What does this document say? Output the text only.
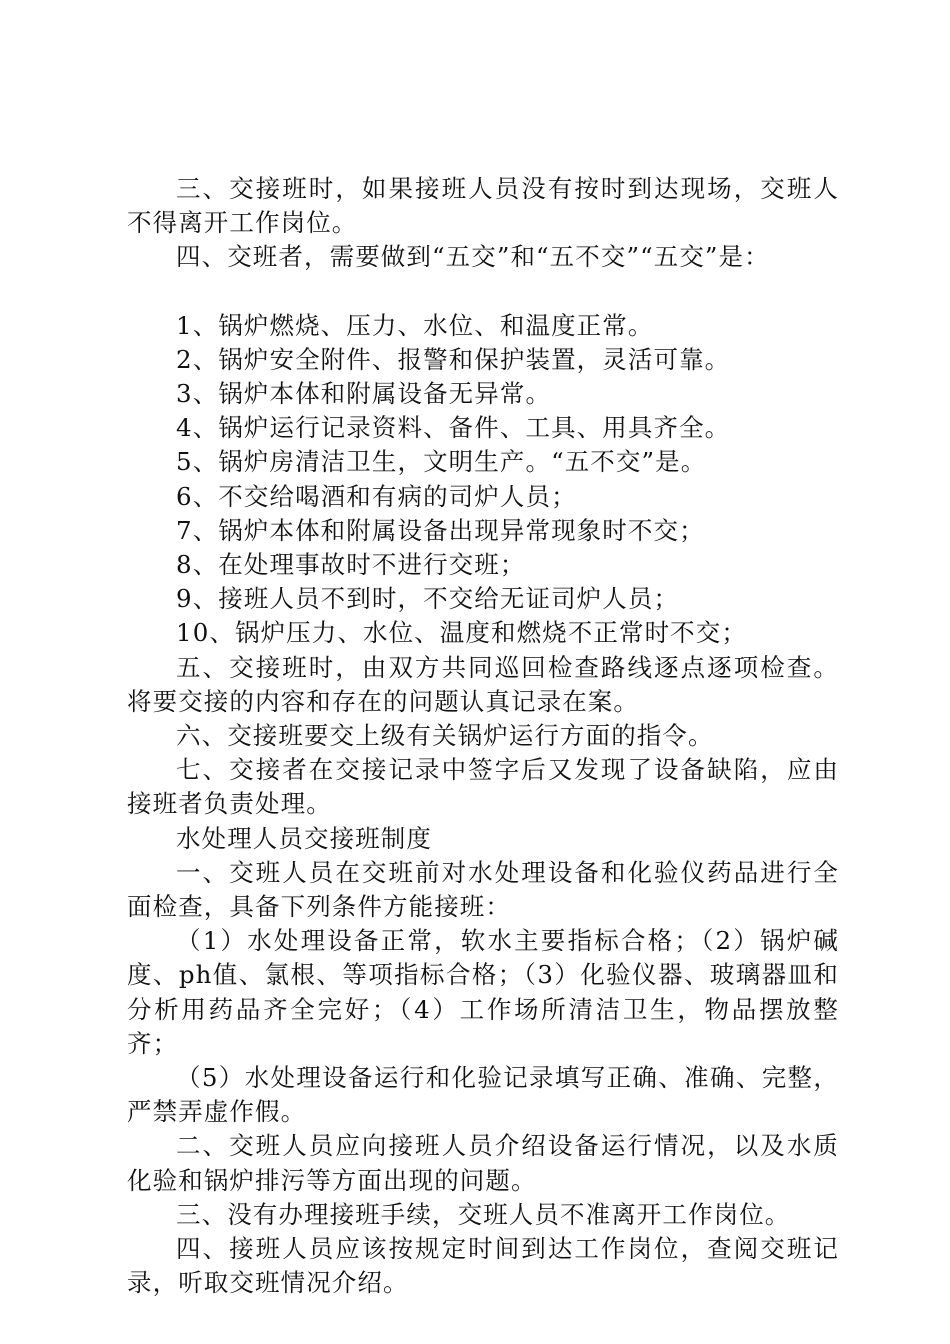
三、交接班时，如果接班人员没有按时到达现场，交班人不得离开工作岗位。

四、交班者，需要做到“五交”和“五不交”“五交”是：

1、锅炉燃烧、压力、水位、和温度正常。

2、锅炉安全附件、报警和保护装置，灵活可靠。

3、锅炉本体和附属设备无异常。

4、锅炉运行记录资料、备件、工具、用具齐全。

5、锅炉房清洁卫生，文明生产。“五不交”是。

6、不交给喝酒和有病的司炉人员；

7、锅炉本体和附属设备出现异常现象时不交；

8、在处理事故时不进行交班；

9、接班人员不到时，不交给无证司炉人员；

10、锅炉压力、水位、温度和燃烧不正常时不交；

五、交接班时，由双方共同巡回检查路线逐点逐项检查。将要交接的内容和存在的问题认真记录在案。

六、交接班要交上级有关锅炉运行方面的指令。

七、交接者在交接记录中签字后又发现了设备缺陷，应由接班者负责处理。

水处理人员交接班制度

一、交班人员在交班前对水处理设备和化验仪药品进行全面检查，具备下列条件方能接班：

（1）水处理设备正常，软水主要指标合格；（2）锅炉碱度、ph值、氯根、等项指标合格；（3）化验仪器、玻璃器皿和分析用药品齐全完好；（4）工作场所清洁卫生，物品摆放整齐；

（5）水处理设备运行和化验记录填写正确、准确、完整，严禁弄虚作假。

二、交班人员应向接班人员介绍设备运行情况，以及水质化验和锅炉排污等方面出现的问题。

三、没有办理接班手续，交班人员不准离开工作岗位。

四、接班人员应该按规定时间到达工作岗位，查阅交班记录，听取交班情况介绍。
